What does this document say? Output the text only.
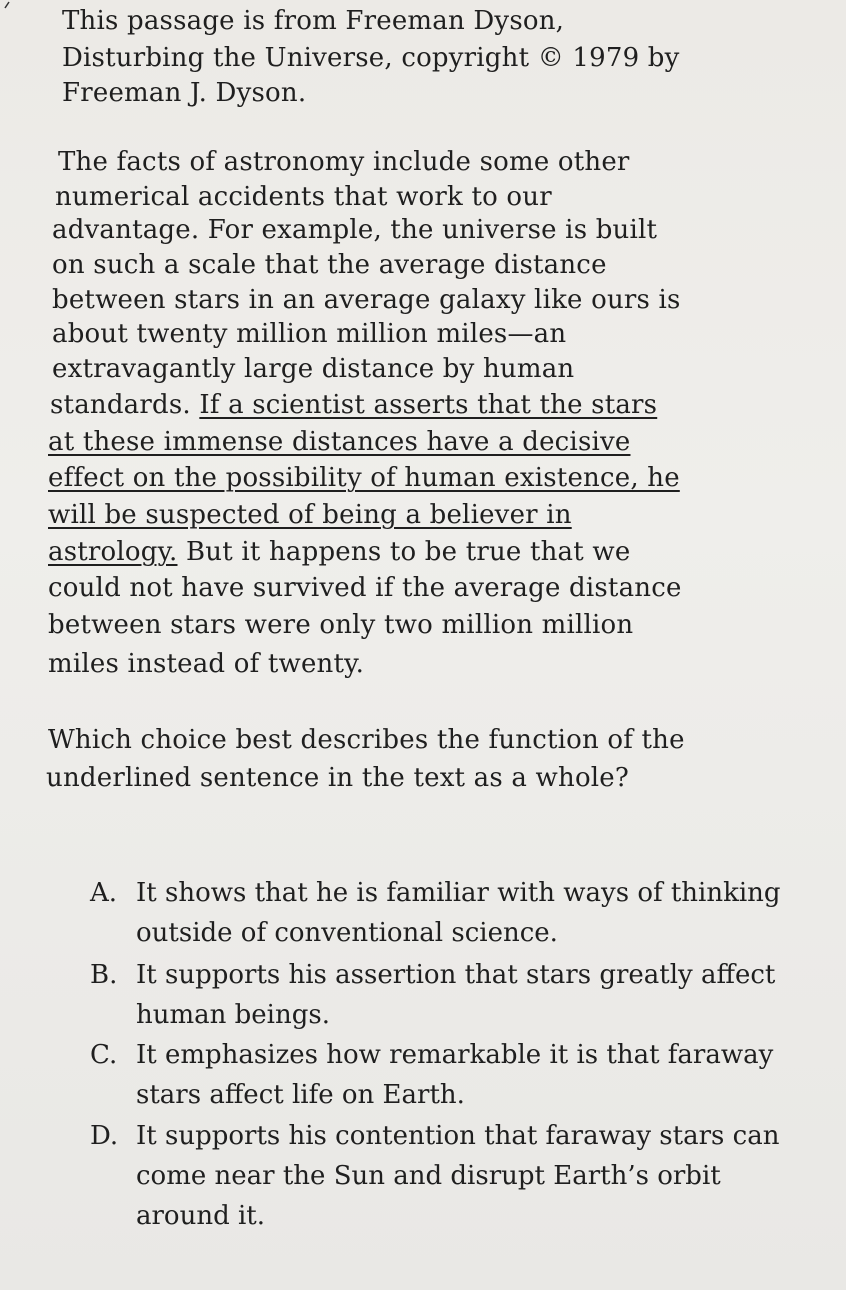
This passage is from Freeman Dyson,
Disturbing the Universe, copyright © 1979 by
Freeman J. Dyson.
The facts of astronomy include some other
numerical accidents that work to our
advantage. For example, the universe is built
on such a scale that the average distance
between stars in an average galaxy like ours is
about twenty million million miles—an
extravagantly large distance by human
standards. If a scientist asserts that the stars
at these immense distances have a decisive
effect on the possibility of human existence, he
will be suspected of being a believer in
astrology. But it happens to be true that we
could not have survived if the average distance
between stars were only two million million
miles instead of twenty.
Which choice best describes the function of the
underlined sentence in the text as a whole?
A. It shows that he is familiar with ways of thinking outside of conventional science.
B. It supports his assertion that stars greatly affect human beings.
C. It emphasizes how remarkable it is that faraway stars affect life on Earth.
D. It supports his contention that faraway stars can come near the Sun and disrupt Earth’s orbit around it.
